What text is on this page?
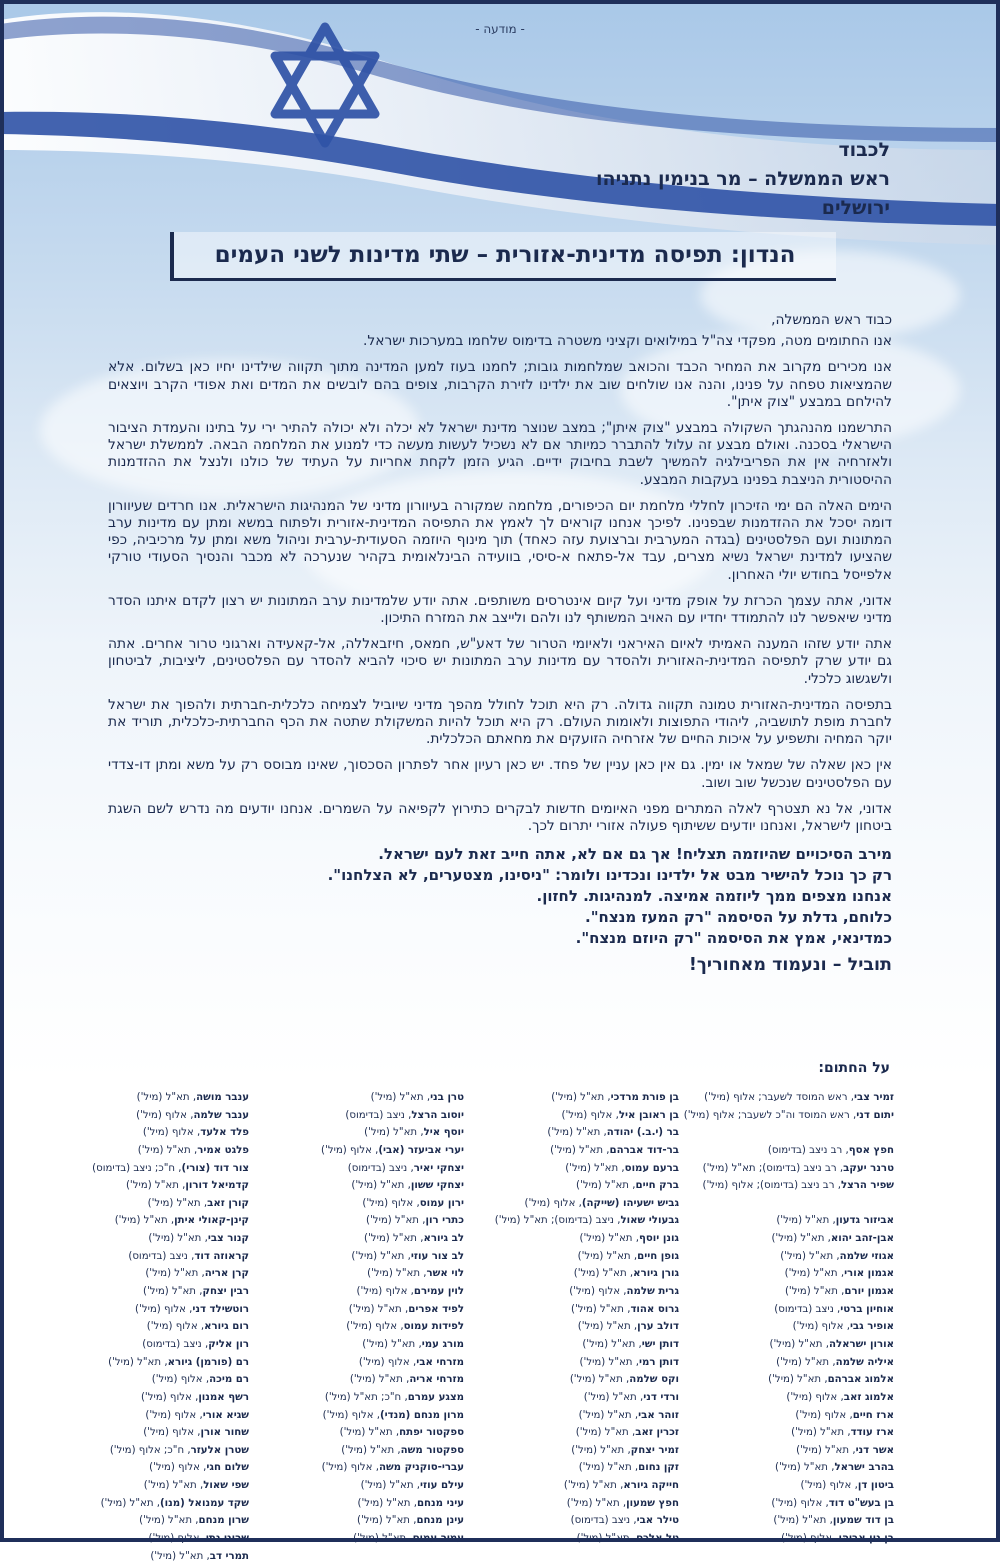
- מודעה -
לכבוד
ראש הממשלה – מר בנימין נתניהו
ירושלים
הנדון: תפיסה מדינית-אזורית – שתי מדינות לשני העמים

כבוד ראש הממשלה,

אנו החתומים מטה, מפקדי צה"ל במילואים וקציני משטרה בדימוס שלחמו במערכות ישראל.

אנו מכירים מקרוב את המחיר הכבד והכואב שמלחמות גובות; לחמנו בעוז למען המדינה מתוך תקווה שילדינו יחיו כאן בשלום. אלא שהמציאות טפחה על פנינו, והנה אנו שולחים שוב את ילדינו לזירת הקרבות, צופים בהם לובשים את המדים ואת אפודי הקרב ויוצאים להילחם במבצע "צוק איתן".

התרשמנו מהנהגתך השקולה במבצע "צוק איתן"; במצב שנוצר מדינת ישראל לא יכלה ולא יכולה להתיר ירי על בתינו והעמדת הציבור הישראלי בסכנה. ואולם מבצע זה עלול להתברר כמיותר אם לא נשכיל לעשות מעשה כדי למנוע את המלחמה הבאה. לממשלת ישראל ולאזרחיה אין את הפריבילגיה להמשיך לשבת בחיבוק ידיים. הגיע הזמן לקחת אחריות על העתיד של כולנו ולנצל את ההזדמנות ההיסטורית הניצבת בפנינו בעקבות המבצע.

הימים האלה הם ימי הזיכרון לחללי מלחמת יום הכיפורים, מלחמה שמקורה בעיוורון מדיני של המנהיגות הישראלית. אנו חרדים שעיוורון דומה יסכל את ההזדמנות שבפנינו. לפיכך אנחנו קוראים לך לאמץ את התפיסה המדינית-אזורית ולפתוח במשא ומתן עם מדינות ערב המתונות ועם הפלסטינים (בגדה המערבית וברצועת עזה כאחד) תוך מינוף היוזמה הסעודית-ערבית וניהול משא ומתן על מרכיביה, כפי שהציעו למדינת ישראל נשיא מצרים, עבד אל-פתאח א-סיסי, בוועידה הבינלאומית בקהיר שנערכה לא מכבר והנסיך הסעודי טורקי אלפייסל בחודש יולי האחרון.

אדוני, אתה עצמך הכרזת על אופק מדיני ועל קיום אינטרסים משותפים. אתה יודע שלמדינות ערב המתונות יש רצון לקדם איתנו הסדר מדיני שיאפשר לנו להתמודד יחדיו עם האויב המשותף לנו ולהם ולייצב את המזרח התיכון.

אתה יודע שזהו המענה האמיתי לאיום האיראני ולאיומי הטרור של דאע"ש, חמאס, חיזבאללה, אל-קאעידה וארגוני טרור אחרים. אתה גם יודע שרק לתפיסה המדינית-האזורית ולהסדר עם מדינות ערב המתונות יש סיכוי להביא להסדר עם הפלסטינים, ליציבות, לביטחון ולשגשוג כלכלי.

בתפיסה המדינית-האזורית טמונה תקווה גדולה. רק היא תוכל לחולל מהפך מדיני שיוביל לצמיחה כלכלית-חברתית ולהפוך את ישראל לחברת מופת לתושביה, ליהודי התפוצות ולאומות העולם. רק היא תוכל להיות המשקולת שתטה את הכף החברתית-כלכלית, תוריד את יוקר המחיה ותשפיע על איכות החיים של אזרחיה הזועקים את מחאתם הכלכלית.

אין כאן שאלה של שמאל או ימין. גם אין כאן עניין של פחד. יש כאן רעיון אחר לפתרון הסכסוך, שאינו מבוסס רק על משא ומתן דו-צדדי עם הפלסטינים שנכשל שוב ושוב.

אדוני, אל נא תצטרף לאלה המתרים מפני האיומים חדשות לבקרים כתירוץ לקפיאה על השמרים. אנחנו יודעים מה נדרש לשם השגת ביטחון לישראל, ואנחנו יודעים ששיתוף פעולה אזורי יתרום לכך.

מירב הסיכויים שהיוזמה תצליח! אך גם אם לא, אתה חייב זאת לעם ישראל.
רק כך נוכל להישיר מבט אל ילדינו ונכדינו ולומר: "ניסינו, מצטערים, לא הצלחנו".
אנחנו מצפים ממך ליוזמה אמיצה. למנהיגות. לחזון.
כלוחם, גדלת על הסיסמה "רק המעז מנצח".
כמדינאי, אמץ את הסיסמה "רק היוזם מנצח".
תוביל – ונעמוד מאחוריך!
על החתום:
זמיר צבי, ראש המוסד לשעבר; אלוף (מיל')
יתום דני, ראש המוסד וה"כ לשעבר; אלוף (מיל')
חפץ אסף, רב ניצב (בדימוס)
טרנר יעקב, רב ניצב (בדימוס); תא"ל (מיל')
שפיר הרצל, רב ניצב (בדימוס); אלוף (מיל')
אביזור גדעון, תא"ל (מיל')
אבן-זהב יהוא, תא"ל (מיל')
אגוזי שלמה, תא"ל (מיל')
אגמון אורי, תא"ל (מיל')
אגמון יורם, תא"ל (מיל')
אוחיון ברטי, ניצב (בדימוס)
אופיר גבי, אלוף (מיל')
אורון ישראלה, תא"ל (מיל')
איליה שלמה, תא"ל (מיל')
אלמוג אברהם, תא"ל (מיל')
אלמוג זאב, אלוף (מיל')
ארז חיים, אלוף (מיל')
ארז עודד, תא"ל (מיל')
אשר דני, תא"ל (מיל')
בהרב ישראל, תא"ל (מיל')
ביטון דן, אלוף (מיל')
בן בעש"ט דוד, אלוף (מיל')
בן דוד שמעון, תא"ל (מיל')
בן נון אביהו, אלוף (מיל')
בן פורת מרדכי, תא"ל (מיל')
בן ראובן איל, אלוף (מיל')
בר (י.ב.) יהודה, תא"ל (מיל')
בר-דוד אברהם, תא"ל (מיל')
ברעם עמוס, תא"ל (מיל')
ברק חיים, תא"ל (מיל')
גביש ישעיהו (שייקה), אלוף (מיל')
גבעולי שאול, ניצב (בדימוס); תא"ל (מיל')
גונן יוסף, תא"ל (מיל')
גופן חיים, תא"ל (מיל')
גורן גיורא, תא"ל (מיל')
גרית שלמה, אלוף (מיל')
גרוס אהוד, תא"ל (מיל')
דולב ערן, תא"ל (מיל')
דותן ישי, תא"ל (מיל')
דותן רמי, תא"ל (מיל')
וקס שלמה, תא"ל (מיל')
ורדי דני, תא"ל (מיל')
זוהר אבי, תא"ל (מיל')
זכרין זאב, תא"ל (מיל')
זמיר יצחק, תא"ל (מיל')
זקן נחום, תא"ל (מיל')
חייקה גיורא, תא"ל (מיל')
חפץ שמעון, תא"ל (מיל')
טילר אבי, ניצב (בדימוס)
טל אלכס, תא"ל (מיל')
טרן בני, תא"ל (מיל')
יוסוב הרצל, ניצב (בדימוס)
יוסף איל, תא"ל (מיל')
יערי אביעזר (אבי), אלוף (מיל')
יצחקי יאיר, ניצב (בדימוס)
יצחקי ששון, תא"ל (מיל')
ירון עמוס, אלוף (מיל')
כתרי רון, תא"ל (מיל')
לב גיורא, תא"ל (מיל')
לב צור עוזי, תא"ל (מיל')
לוי אשר, תא"ל (מיל')
לוין עמירם, אלוף (מיל')
לפיד אפרים, תא"ל (מיל')
לפידות עמוס, אלוף (מיל')
מורג עמי, תא"ל (מיל')
מזרחי אבי, אלוף (מיל')
מזרחי אריה, תא"ל (מיל')
מצגע עמרם, ח"כ; תא"ל (מיל')
מרון מנחם (מנדי), אלוף (מיל')
ספקטור יפתח, תא"ל (מיל')
ספקטור משה, תא"ל (מיל')
עברי-סוקניק משה, אלוף (מיל')
עילם עוזי, תא"ל (מיל')
עיני מנחם, תא"ל (מיל')
עינן מנחם, תא"ל (מיל')
עמיר עמוס, תא"ל (מיל')
ענבר מושה, תא"ל (מיל')
ענבר שלמה, אלוף (מיל')
פלד אלעד, אלוף (מיל')
פלגט אמיר, תא"ל (מיל')
צור דוד (צורי), ח"כ; ניצב (בדימוס)
קדמיאל דורון, תא"ל (מיל')
קורן זאב, תא"ל (מיל')
קינן-קאולי איתן, תא"ל (מיל')
קנור צבי, תא"ל (מיל')
קראוזה דוד, ניצב (בדימוס)
קרן אריה, תא"ל (מיל')
רבין יצחק, תא"ל (מיל')
רוטשילד דני, אלוף (מיל')
רום גיורא, אלוף (מיל')
רון אליק, ניצב (בדימוס)
רם (פורמן) גיורא, תא"ל (מיל')
רם מיכה, אלוף (מיל')
רשף אמנון, אלוף (מיל')
שגיא אורי, אלוף (מיל')
שחור אורן, אלוף (מיל')
שטרן אלעזר, ח"כ; אלוף (מיל')
שלום חגי, אלוף (מיל')
שפי שאול, תא"ל (מיל')
שקד עמנואל (מנו), תא"ל (מיל')
שרון מנחם, תא"ל (מיל')
שרוני נתי, אלוף (מיל')
תמרי דב, תא"ל (מיל')
